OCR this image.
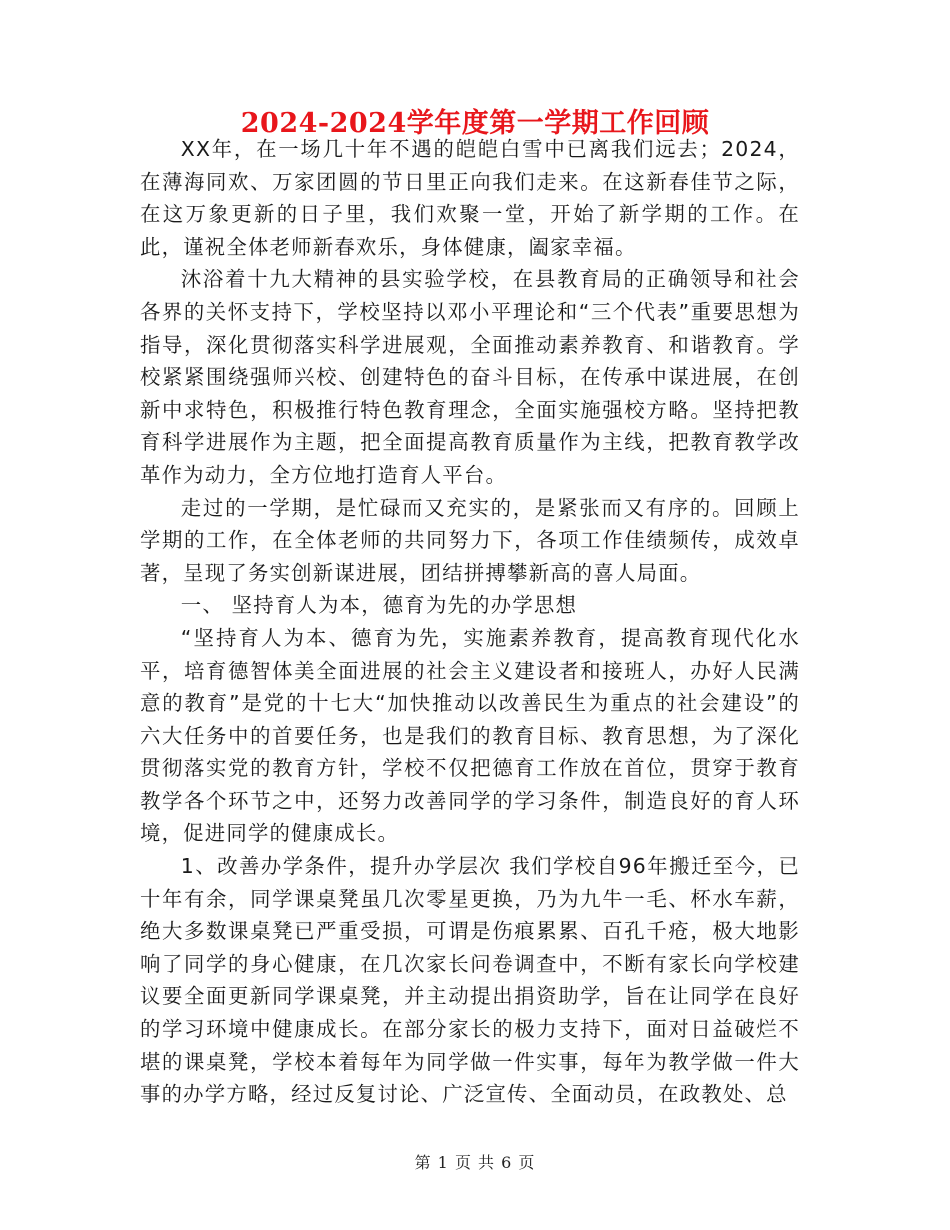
2024-2024学年度第一学期工作回顾

XX年，在一场几十年不遇的皑皑白雪中已离我们远去；2024，在薄海同欢、万家团圆的节日里正向我们走来。在这新春佳节之际，在这万象更新的日子里，我们欢聚一堂，开始了新学期的工作。在此，谨祝全体老师新春欢乐，身体健康，阖家幸福。

沐浴着十九大精神的县实验学校，在县教育局的正确领导和社会各界的关怀支持下，学校坚持以邓小平理论和“三个代表”重要思想为指导，深化贯彻落实科学进展观，全面推动素养教育、和谐教育。学校紧紧围绕强师兴校、创建特色的奋斗目标，在传承中谋进展，在创新中求特色，积极推行特色教育理念，全面实施强校方略。坚持把教育科学进展作为主题，把全面提高教育质量作为主线，把教育教学改革作为动力，全方位地打造育人平台。

走过的一学期，是忙碌而又充实的，是紧张而又有序的。回顾上学期的工作，在全体老师的共同努力下，各项工作佳绩频传，成效卓著，呈现了务实创新谋进展，团结拼搏攀新高的喜人局面。

一、 坚持育人为本，德育为先的办学思想

“坚持育人为本、德育为先，实施素养教育，提高教育现代化水平，培育德智体美全面进展的社会主义建设者和接班人，办好人民满意的教育”是党的十七大“加快推动以改善民生为重点的社会建设”的六大任务中的首要任务，也是我们的教育目标、教育思想，为了深化贯彻落实党的教育方针，学校不仅把德育工作放在首位，贯穿于教育教学各个环节之中，还努力改善同学的学习条件，制造良好的育人环境，促进同学的健康成长。

1、改善办学条件，提升办学层次 我们学校自96年搬迁至今，已十年有余，同学课桌凳虽几次零星更换，乃为九牛一毛、杯水车薪，绝大多数课桌凳已严重受损，可谓是伤痕累累、百孔千疮，极大地影响了同学的身心健康，在几次家长问卷调查中，不断有家长向学校建议要全面更新同学课桌凳，并主动提出捐资助学，旨在让同学在良好的学习环境中健康成长。在部分家长的极力支持下，面对日益破烂不堪的课桌凳，学校本着每年为同学做一件实事，每年为教学做一件大事的办学方略，经过反复讨论、广泛宣传、全面动员，在政教处、总

第 1 页 共 6 页
